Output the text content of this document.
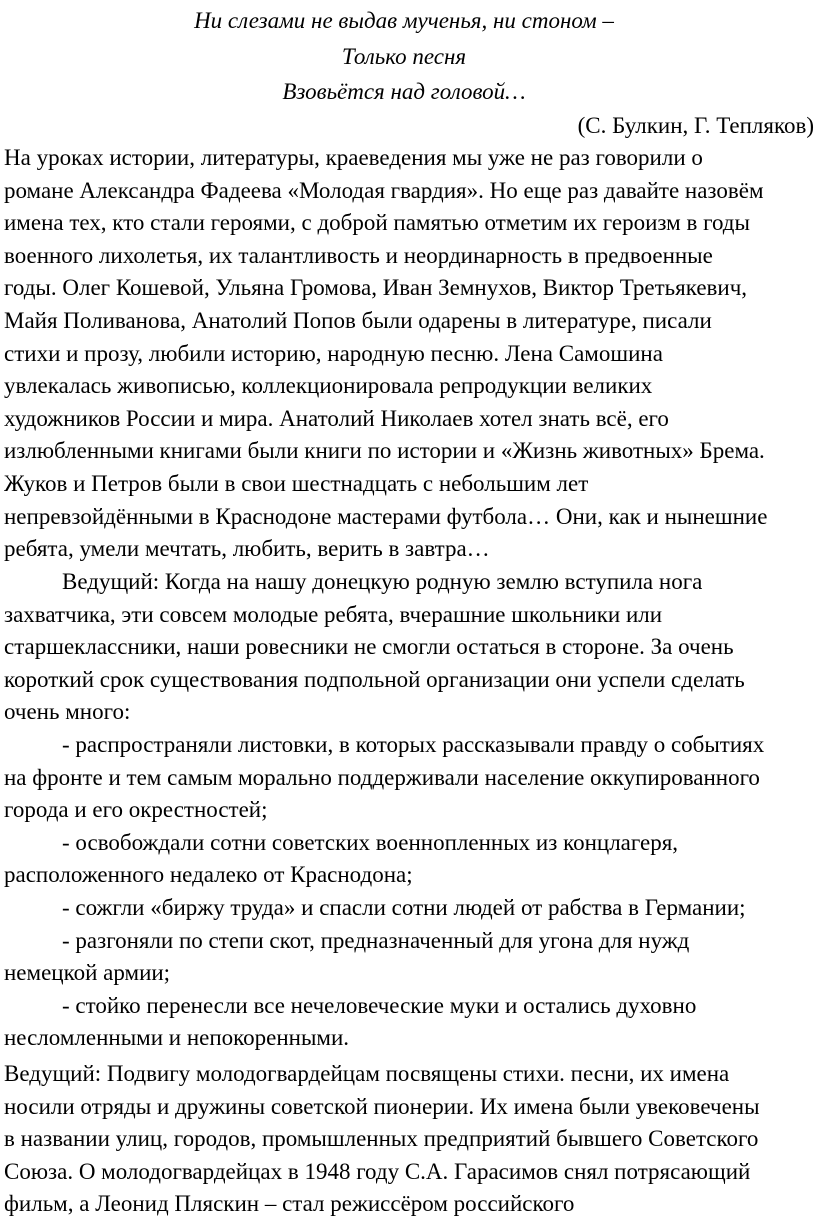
Ни слезами не выдав мученья, ни стоном –
Только песня
Взовьётся над головой…
(С. Булкин, Г. Тепляков)
На уроках истории, литературы, краеведения мы уже не раз говорили о
романе Александра Фадеева «Молодая гвардия». Но еще раз давайте назовём
имена тех, кто стали героями, с доброй памятью отметим их героизм в годы
военного лихолетья, их талантливость и неординарность в предвоенные
годы. Олег Кошевой, Ульяна Громова, Иван Земнухов, Виктор Третьякевич,
Майя Поливанова, Анатолий Попов были одарены в литературе, писали
стихи и прозу, любили историю, народную песню. Лена Самошина
увлекалась живописью, коллекционировала репродукции великих
художников России и мира. Анатолий Николаев хотел знать всё, его
излюбленными книгами были книги по истории и «Жизнь животных» Брема.
Жуков и Петров были в свои шестнадцать с небольшим лет
непревзойдёнными в Краснодоне мастерами футбола… Они, как и нынешние
ребята, умели мечтать, любить, верить в завтра…
Ведущий: Когда на нашу донецкую родную землю вступила нога
захватчика, эти совсем молодые ребята, вчерашние школьники или
старшеклассники, наши ровесники не смогли остаться в стороне. За очень
короткий срок существования подпольной организации они успели сделать
очень много:
- распространяли листовки, в которых рассказывали правду о событиях
на фронте и тем самым морально поддерживали население оккупированного
города и его окрестностей;
- освобождали сотни советских военнопленных из концлагеря,
расположенного недалеко от Краснодона;
- сожгли «биржу труда» и спасли сотни людей от рабства в Германии;
- разгоняли по степи скот, предназначенный для угона для нужд
немецкой армии;
- стойко перенесли все нечеловеческие муки и остались духовно
несломленными и непокоренными.
Ведущий: Подвигу молодогвардейцам посвящены стихи. песни, их имена
носили отряды и дружины советской пионерии. Их имена были увековечены
в названии улиц, городов, промышленных предприятий бывшего Советского
Союза. О молодогвардейцах в 1948 году С.А. Гарасимов снял потрясающий
фильм, а Леонид Пляскин – стал режиссёром российского
